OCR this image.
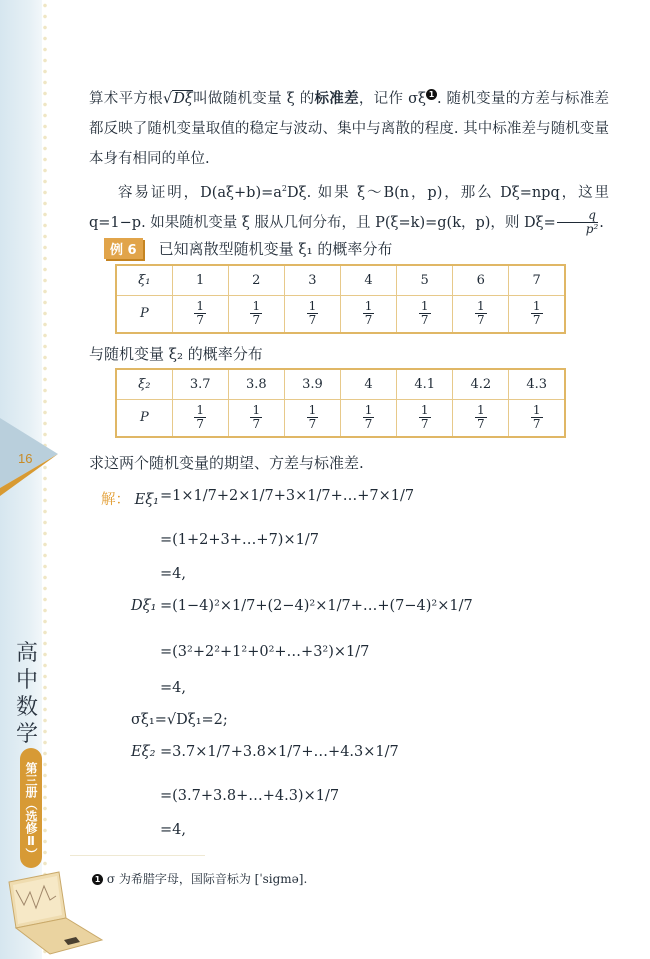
16
高
中
数
学
第三册（选修Ⅱ）

算术平方根√Dξ叫做随机变量 ξ 的标准差，记作 σξ 1 . 随机变量的方差与标准差都反映了随机变量取值的稳定与波动、集中与离散的程度. 其中标准差与随机变量本身有相同的单位.

容易证明，$D(a\xi+b)=a^2D\xi$. 如果 ξ～B(n，p)，那么 Dξ=npq，这里 q=1−p. 如果随机变量 ξ 服从几何分布，且 P(ξ=k)=g(k，p)，则 $D\xi= \frac{q}{\text{p²}}$ .

例 6	已知离散型随机变量 ξ₁ 的概率分布
ξ₁	1	2	3	4	5	6	7
P	$\frac{1}{7}$	$\frac{1}{7}$	$\frac{1}{7}$	$\frac{1}{7}$	$\frac{1}{7}$	$\frac{1}{7}$	$\frac{1}{7}$
与随机变量 ξ₂ 的概率分布
ξ₂	3.7	3.8	3.9	4	4.1	4.2	4.3
P	$\frac{1}{7}$	$\frac{1}{7}$	$\frac{1}{7}$	$\frac{1}{7}$	$\frac{1}{7}$	$\frac{1}{7}$	$\frac{1}{7}$
求这两个随机变量的期望、方差与标准差.
解： Eξ₁ =1×1/7+2×1/7+3×1/7+…+7×1/7
=(1+2+3+…+7)×1/7
=4,
Dξ₁ =(1−4)²×1/7+(2−4)²×1/7+…+(7−4)²×1/7
=(3²+2²+1²+0²+…+3²)×1/7
=4,
σξ₁=√Dξ₁=2;
Eξ₂ =3.7×1/7+3.8×1/7+…+4.3×1/7
=(3.7+3.8+…+4.3)×1/7
=4,
1 σ 为希腊字母，国际音标为 [ˈsigmə].
